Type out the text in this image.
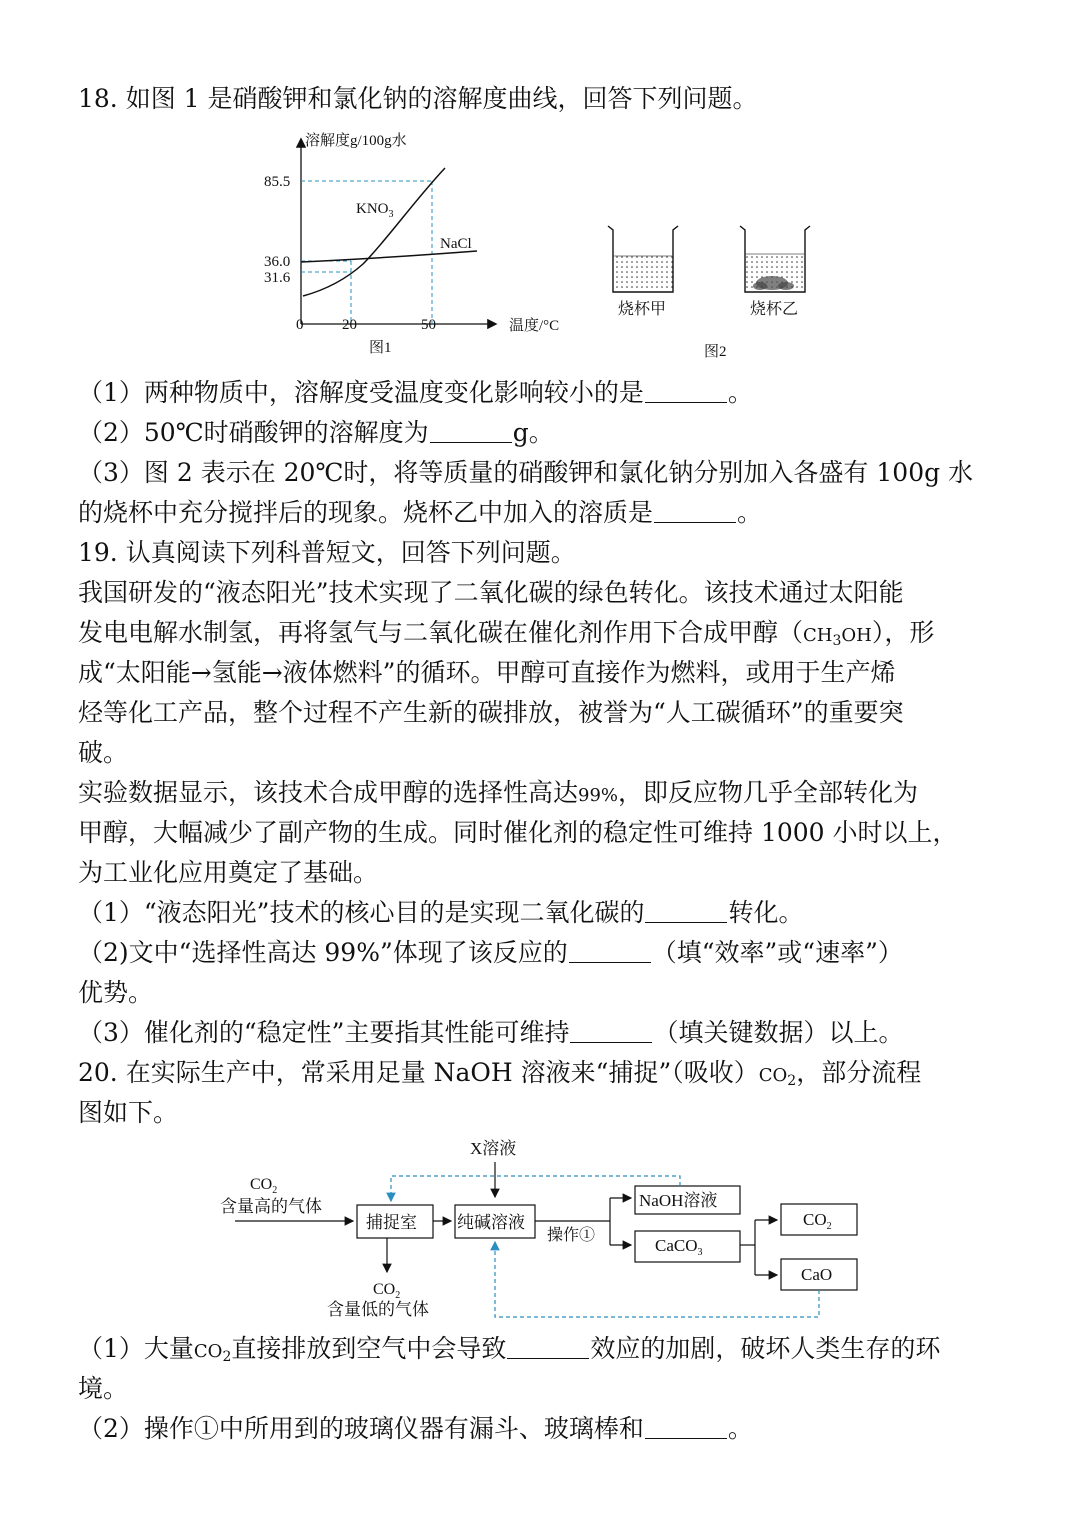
18. 如图 1 是硝酸钾和氯化钠的溶解度曲线，回答下列问题。
溶解度g/100g水
温度/°C
85.5
36.0
31.6
0	20	50
$KNO_3$
NaCl
图1
烧杯甲	烧杯乙
图2
（1）两种物质中，溶解度受温度变化影响较小的是	。
（2）50℃时硝酸钾的溶解度为	g。
（3）图 2 表示在 20℃时，将等质量的硝酸钾和氯化钠分别加入各盛有 100g 水
的烧杯中充分搅拌后的现象。烧杯乙中加入的溶质是	。
19. 认真阅读下列科普短文，回答下列问题。
我国研发的“液态阳光”技术实现了二氧化碳的绿色转化。该技术通过太阳能
发电电解水制氢，再将氢气与二氧化碳在催化剂作用下合成甲醇$(CH_3OH)$，形
成“太阳能→氢能→液体燃料”的循环。甲醇可直接作为燃料，或用于生产烯
烃等化工产品，整个过程不产生新的碳排放，被誉为“人工碳循环”的重要突
破。
实验数据显示，该技术合成甲醇的选择性高达99%，即反应物几乎全部转化为
甲醇，大幅减少了副产物的生成。同时催化剂的稳定性可维持 1000 小时以上，
为工业化应用奠定了基础。
（1）“液态阳光”技术的核心目的是实现二氧化碳的	转化。
（2)文中“选择性高达 99%”体现了该反应的	（填“效率”或“速率”）
优势。
（3）催化剂的“稳定性”主要指其性能可维持	（填关键数据）以上。
20. 在实际生产中，常采用足量 NaOH 溶液来“捕捉”（吸收）$CO_2$，部分流程
图如下。
X溶液
$CO_2$
含量高的气体
捕捉室 纯碱溶液
操作①
NaOH溶液
CaCO$_3$
$CO_2$
CaO
$CO_2$
含量低的气体
（1）大量$CO_2$直接排放到空气中会导致	效应的加剧，破坏人类生存的环
境。
（2）操作①中所用到的玻璃仪器有漏斗、玻璃棒和	。
